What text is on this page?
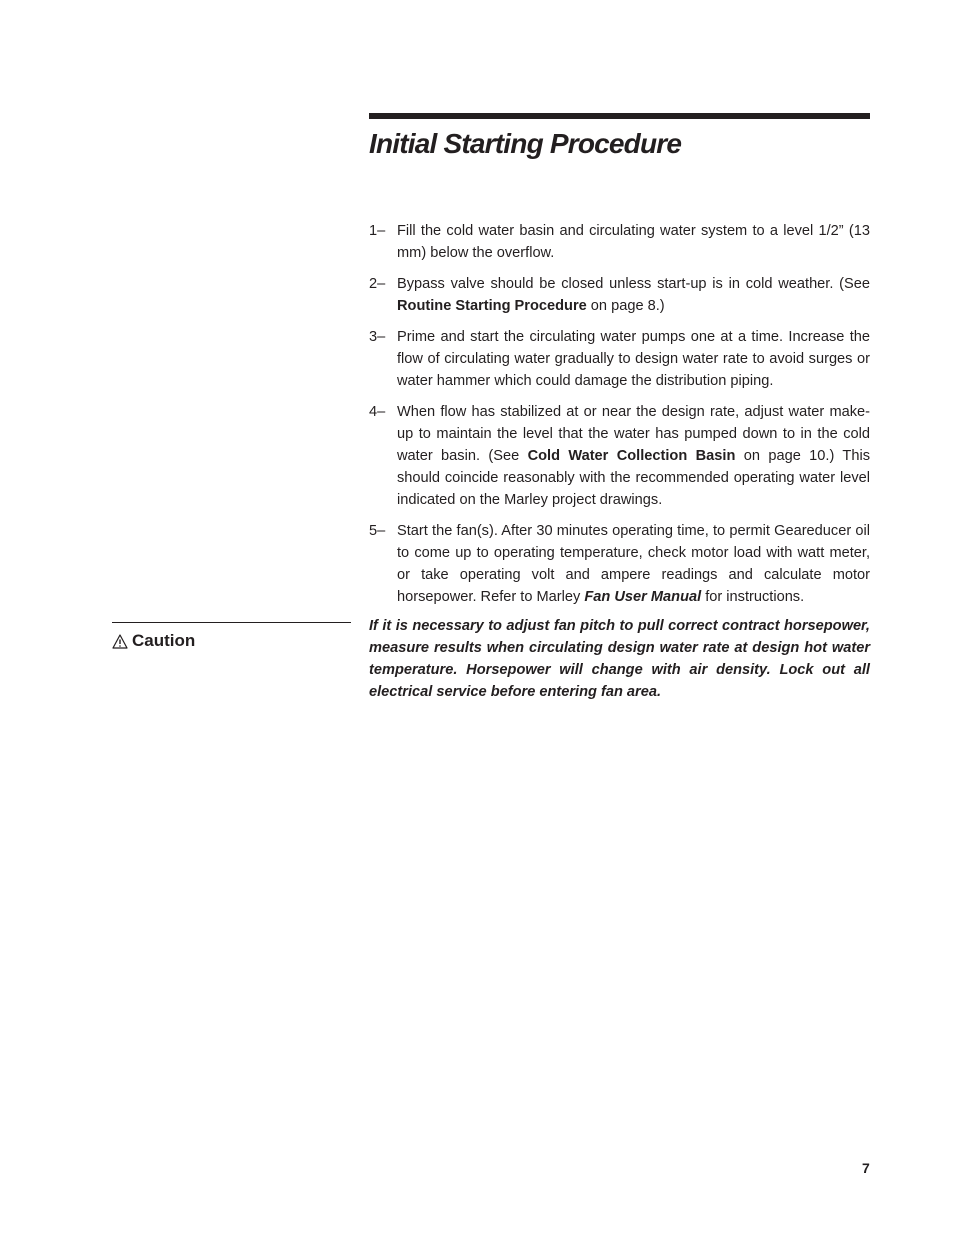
Initial Starting Procedure
1– Fill the cold water basin and circulating water system to a level 1/2” (13 mm) below the overflow.
2– Bypass valve should be closed unless start-up is in cold weather. (See Routine Starting Procedure on page 8.)
3– Prime and start the circulating water pumps one at a time. Increase the flow of circulating water gradually to design water rate to avoid surges or water hammer which could damage the distribution piping.
4– When flow has stabilized at or near the design rate, adjust water make-up to maintain the level that the water has pumped down to in the cold water basin. (See Cold Water Collection Basin on page 10.) This should coincide reasonably with the recommended operating water level indicated on the Marley project drawings.
5– Start the fan(s). After 30 minutes operating time, to permit Geareducer oil to come up to operating temperature, check motor load with watt meter, or take operating volt and ampere readings and calculate motor horsepower. Refer to Marley Fan User Manual for instructions.
Caution

If it is necessary to adjust fan pitch to pull correct contract horsepower, measure results when circulating design water rate at design hot water temperature. Horsepower will change with air density. Lock out all electrical service before entering fan area.

7
